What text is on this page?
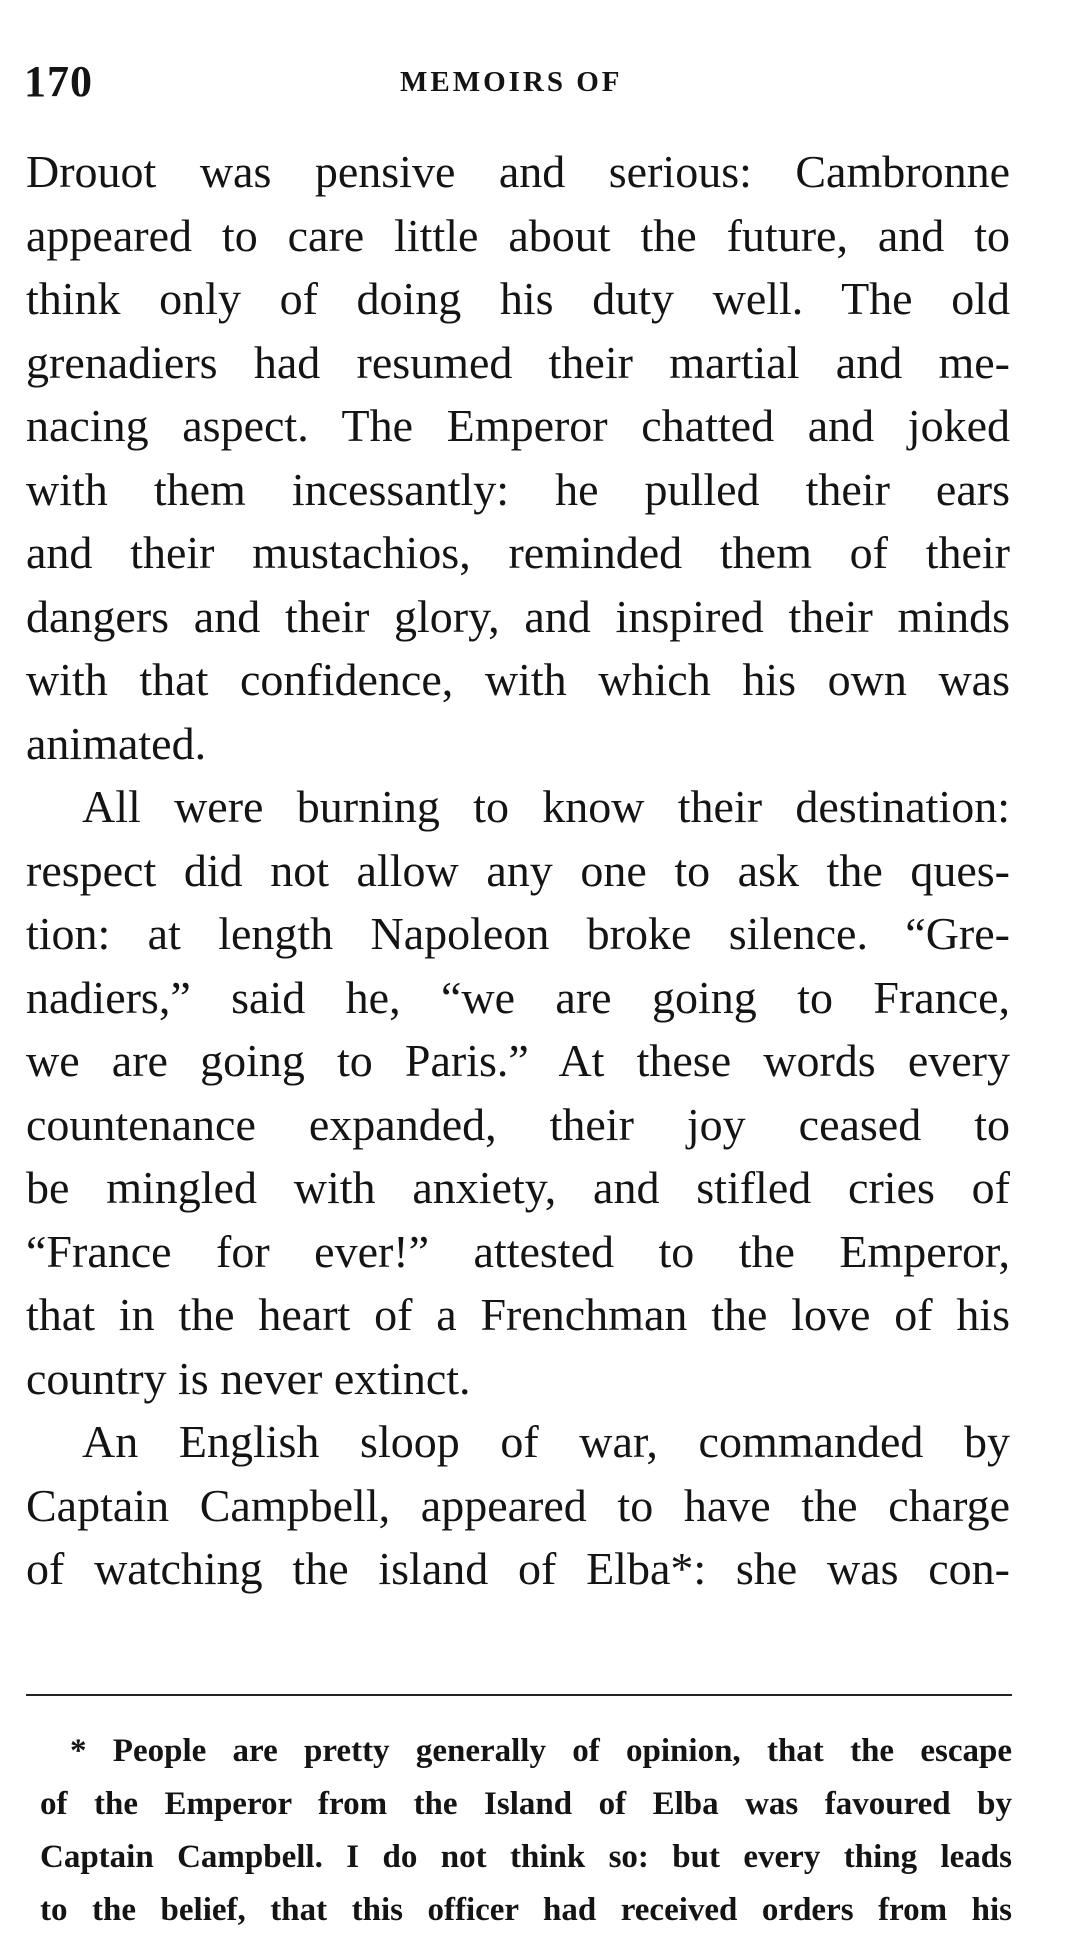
170	MEMOIRS OF
Drouot was pensive and serious: Cambronne
appeared to care little about the future, and to
think only of doing his duty well. The old
grenadiers had resumed their martial and me-
nacing aspect. The Emperor chatted and joked
with them incessantly: he pulled their ears
and their mustachios, reminded them of their
dangers and their glory, and inspired their minds
with that confidence, with which his own was
animated.
All were burning to know their destination:
respect did not allow any one to ask the ques-
tion: at length Napoleon broke silence. “Gre-
nadiers,” said he, “we are going to France,
we are going to Paris.” At these words every
countenance expanded, their joy ceased to
be mingled with anxiety, and stifled cries of
“France for ever!” attested to the Emperor,
that in the heart of a Frenchman the love of his
country is never extinct.
An English sloop of war, commanded by
Captain Campbell, appeared to have the charge
of watching the island of Elba*: she was con-
* People are pretty generally of opinion, that the escape
of the Emperor from the Island of Elba was favoured by
Captain Campbell. I do not think so: but every thing leads
to the belief, that this officer had received orders from his
